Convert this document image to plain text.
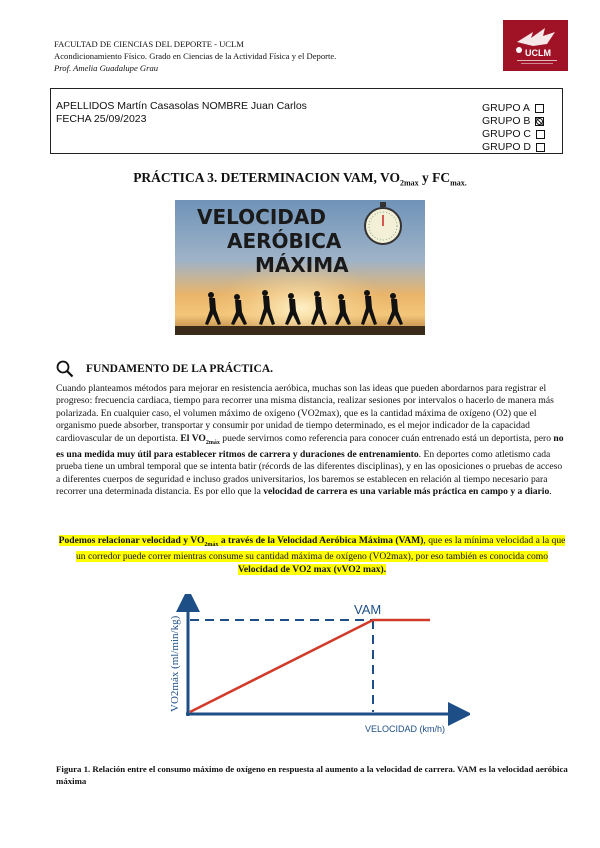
FACULTAD DE CIENCIAS DEL DEPORTE - UCLM
Acondicionamiento Físico. Grado en Ciencias de la Actividad Física y el Deporte.
Prof. Amelia Guadalupe Grau
UCLM
APELLIDOS Martín Casasolas NOMBRE Juan Carlos
FECHA 25/09/2023
GRUPO A
GRUPO B
GRUPO C
GRUPO D
PRÁCTICA 3. DETERMINACION VAM, $VO_{2max}$ y $FC_{max.}$
VELOCIDAD
AERÓBICA
MÁXIMA
FUNDAMENTO DE LA PRÁCTICA.
Cuando planteamos métodos para mejorar en resistencia aeróbica, muchas son las ideas que pueden abordarnos para registrar el progreso: frecuencia cardiaca, tiempo para recorrer una misma distancia, realizar sesiones por intervalos o hacerlo de manera más polarizada. En cualquier caso, el volumen máximo de oxígeno (VO2max), que es la cantidad máxima de oxígeno (O2) que el organismo puede absorber, transportar y consumir por unidad de tiempo determinado, es el mejor indicador de la capacidad cardiovascular de un deportista. El $VO_{2máx}$ puede servirnos como referencia para conocer cuán entrenado está un deportista, pero no es una medida muy útil para establecer ritmos de carrera y duraciones de entrenamiento. En deportes como atletismo cada prueba tiene un umbral temporal que se intenta batir (récords de las diferentes disciplinas), y en las oposiciones o pruebas de acceso a diferentes cuerpos de seguridad e incluso grados universitarios, los baremos se establecen en relación al tiempo necesario para recorrer una determinada distancia. Es por ello que la velocidad de carrera es una variable más práctica en campo y a diario.
Podemos relacionar velocidad y $VO_{2máx}$ a través de la Velocidad Aeróbica Máxima (VAM), que es la mínima velocidad a la que un corredor puede correr mientras consume su cantidad máxima de oxígeno (VO2max), por eso también es conocida como Velocidad de VO2 max (vVO2 max).
VAM
VO2máx (ml/min/kg)
VELOCIDAD (km/h)
Figura 1. Relación entre el consumo máximo de oxígeno en respuesta al aumento a la velocidad de carrera. VAM es la velocidad aeróbica máxima
